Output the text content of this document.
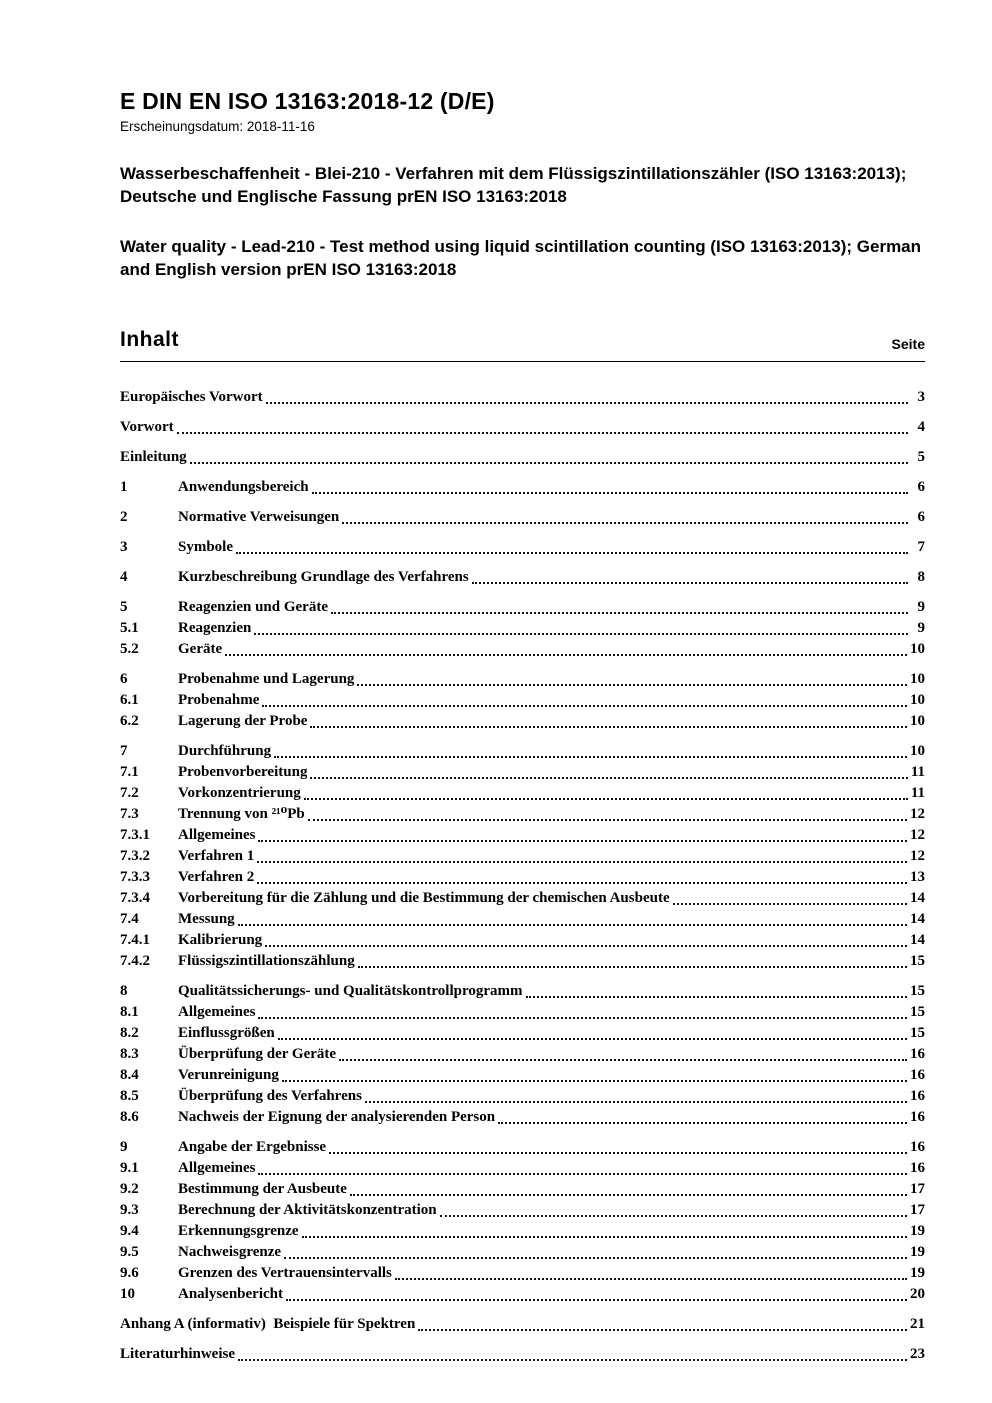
E DIN EN ISO 13163:2018-12 (D/E)
Erscheinungsdatum: 2018-11-16
Wasserbeschaffenheit - Blei-210 - Verfahren mit dem Flüssigszintillationszähler (ISO 13163:2013); Deutsche und Englische Fassung prEN ISO 13163:2018
Water quality - Lead-210 - Test method using liquid scintillation counting (ISO 13163:2013); German and English version prEN ISO 13163:2018
Inhalt	Seite
Europäisches Vorwort	3
Vorwort	4
Einleitung	5
1	Anwendungsbereich	6
2	Normative Verweisungen	6
3	Symbole	7
4	Kurzbeschreibung Grundlage des Verfahrens	8
5	Reagenzien und Geräte	9
5.1	Reagenzien	9
5.2	Geräte	10
6	Probenahme und Lagerung	10
6.1	Probenahme	10
6.2	Lagerung der Probe	10
7	Durchführung	10
7.1	Probenvorbereitung	11
7.2	Vorkonzentrierung	11
7.3	Trennung von ²¹⁰Pb	12
7.3.1	Allgemeines	12
7.3.2	Verfahren 1	12
7.3.3	Verfahren 2	13
7.3.4	Vorbereitung für die Zählung und die Bestimmung der chemischen Ausbeute	14
7.4	Messung	14
7.4.1	Kalibrierung	14
7.4.2	Flüssigszintillationszählung	15
8	Qualitätssicherungs- und Qualitätskontrollprogramm	15
8.1	Allgemeines	15
8.2	Einflussgrößen	15
8.3	Überprüfung der Geräte	16
8.4	Verunreinigung	16
8.5	Überprüfung des Verfahrens	16
8.6	Nachweis der Eignung der analysierenden Person	16
9	Angabe der Ergebnisse	16
9.1	Allgemeines	16
9.2	Bestimmung der Ausbeute	17
9.3	Berechnung der Aktivitätskonzentration	17
9.4	Erkennungsgrenze	19
9.5	Nachweisgrenze	19
9.6	Grenzen des Vertrauensintervalls	19
10	Analysenbericht	20
Anhang A (informativ)  Beispiele für Spektren	21
Literaturhinweise	23
